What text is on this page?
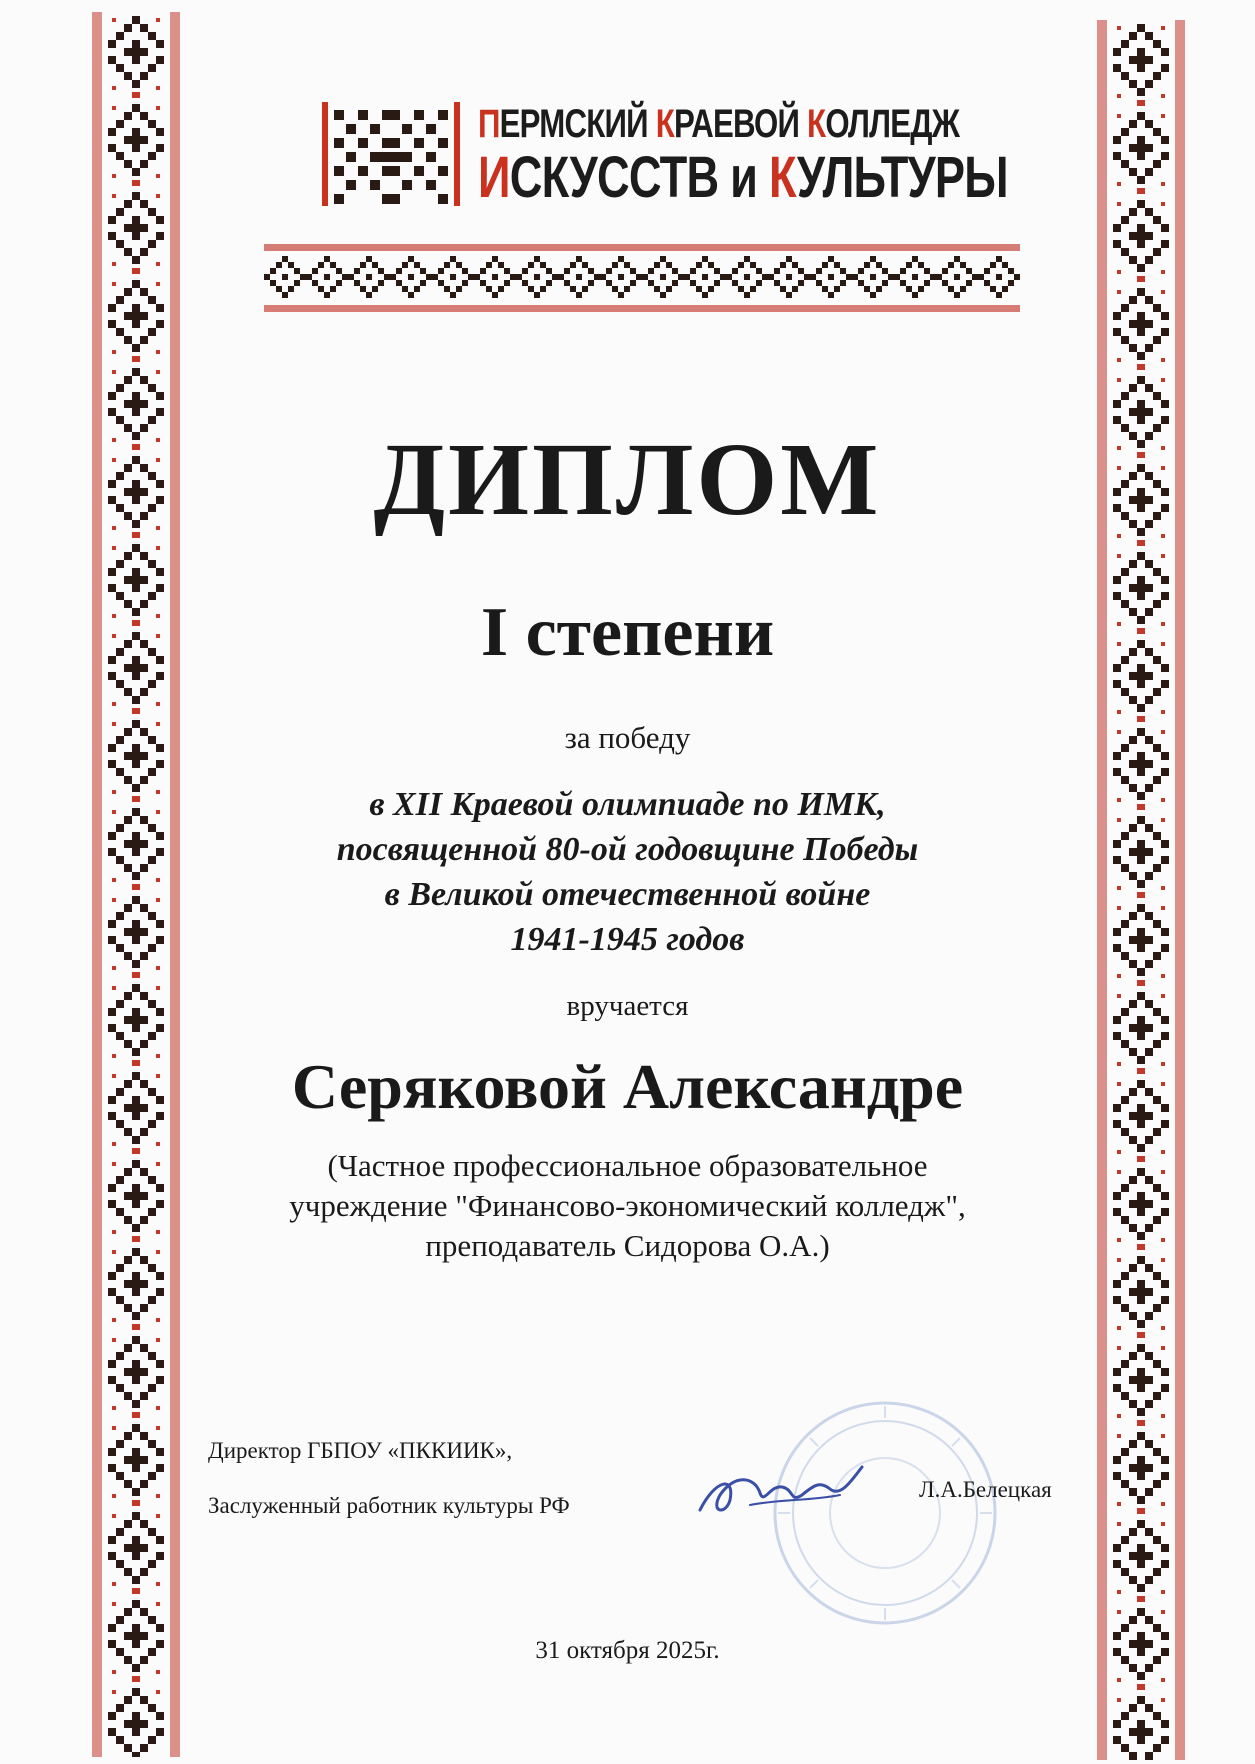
ПЕРМСКИЙ КРАЕВОЙ КОЛЛЕДЖ
ИСКУССТВ и КУЛЬТУРЫ
ДИПЛОМ
I степени
за победу
в XII Краевой олимпиаде по ИМК,
посвященной 80-ой годовщине Победы
в Великой отечественной войне
1941-1945 годов
вручается
Серяковой Александре
(Частное профессиональное образовательное
учреждение "Финансово-экономический колледж",
преподаватель Сидорова О.А.)
Директор ГБПОУ «ПККИИК»,
Заслуженный работник культуры РФ
Л.А.Белецкая
31 октября 2025г.
